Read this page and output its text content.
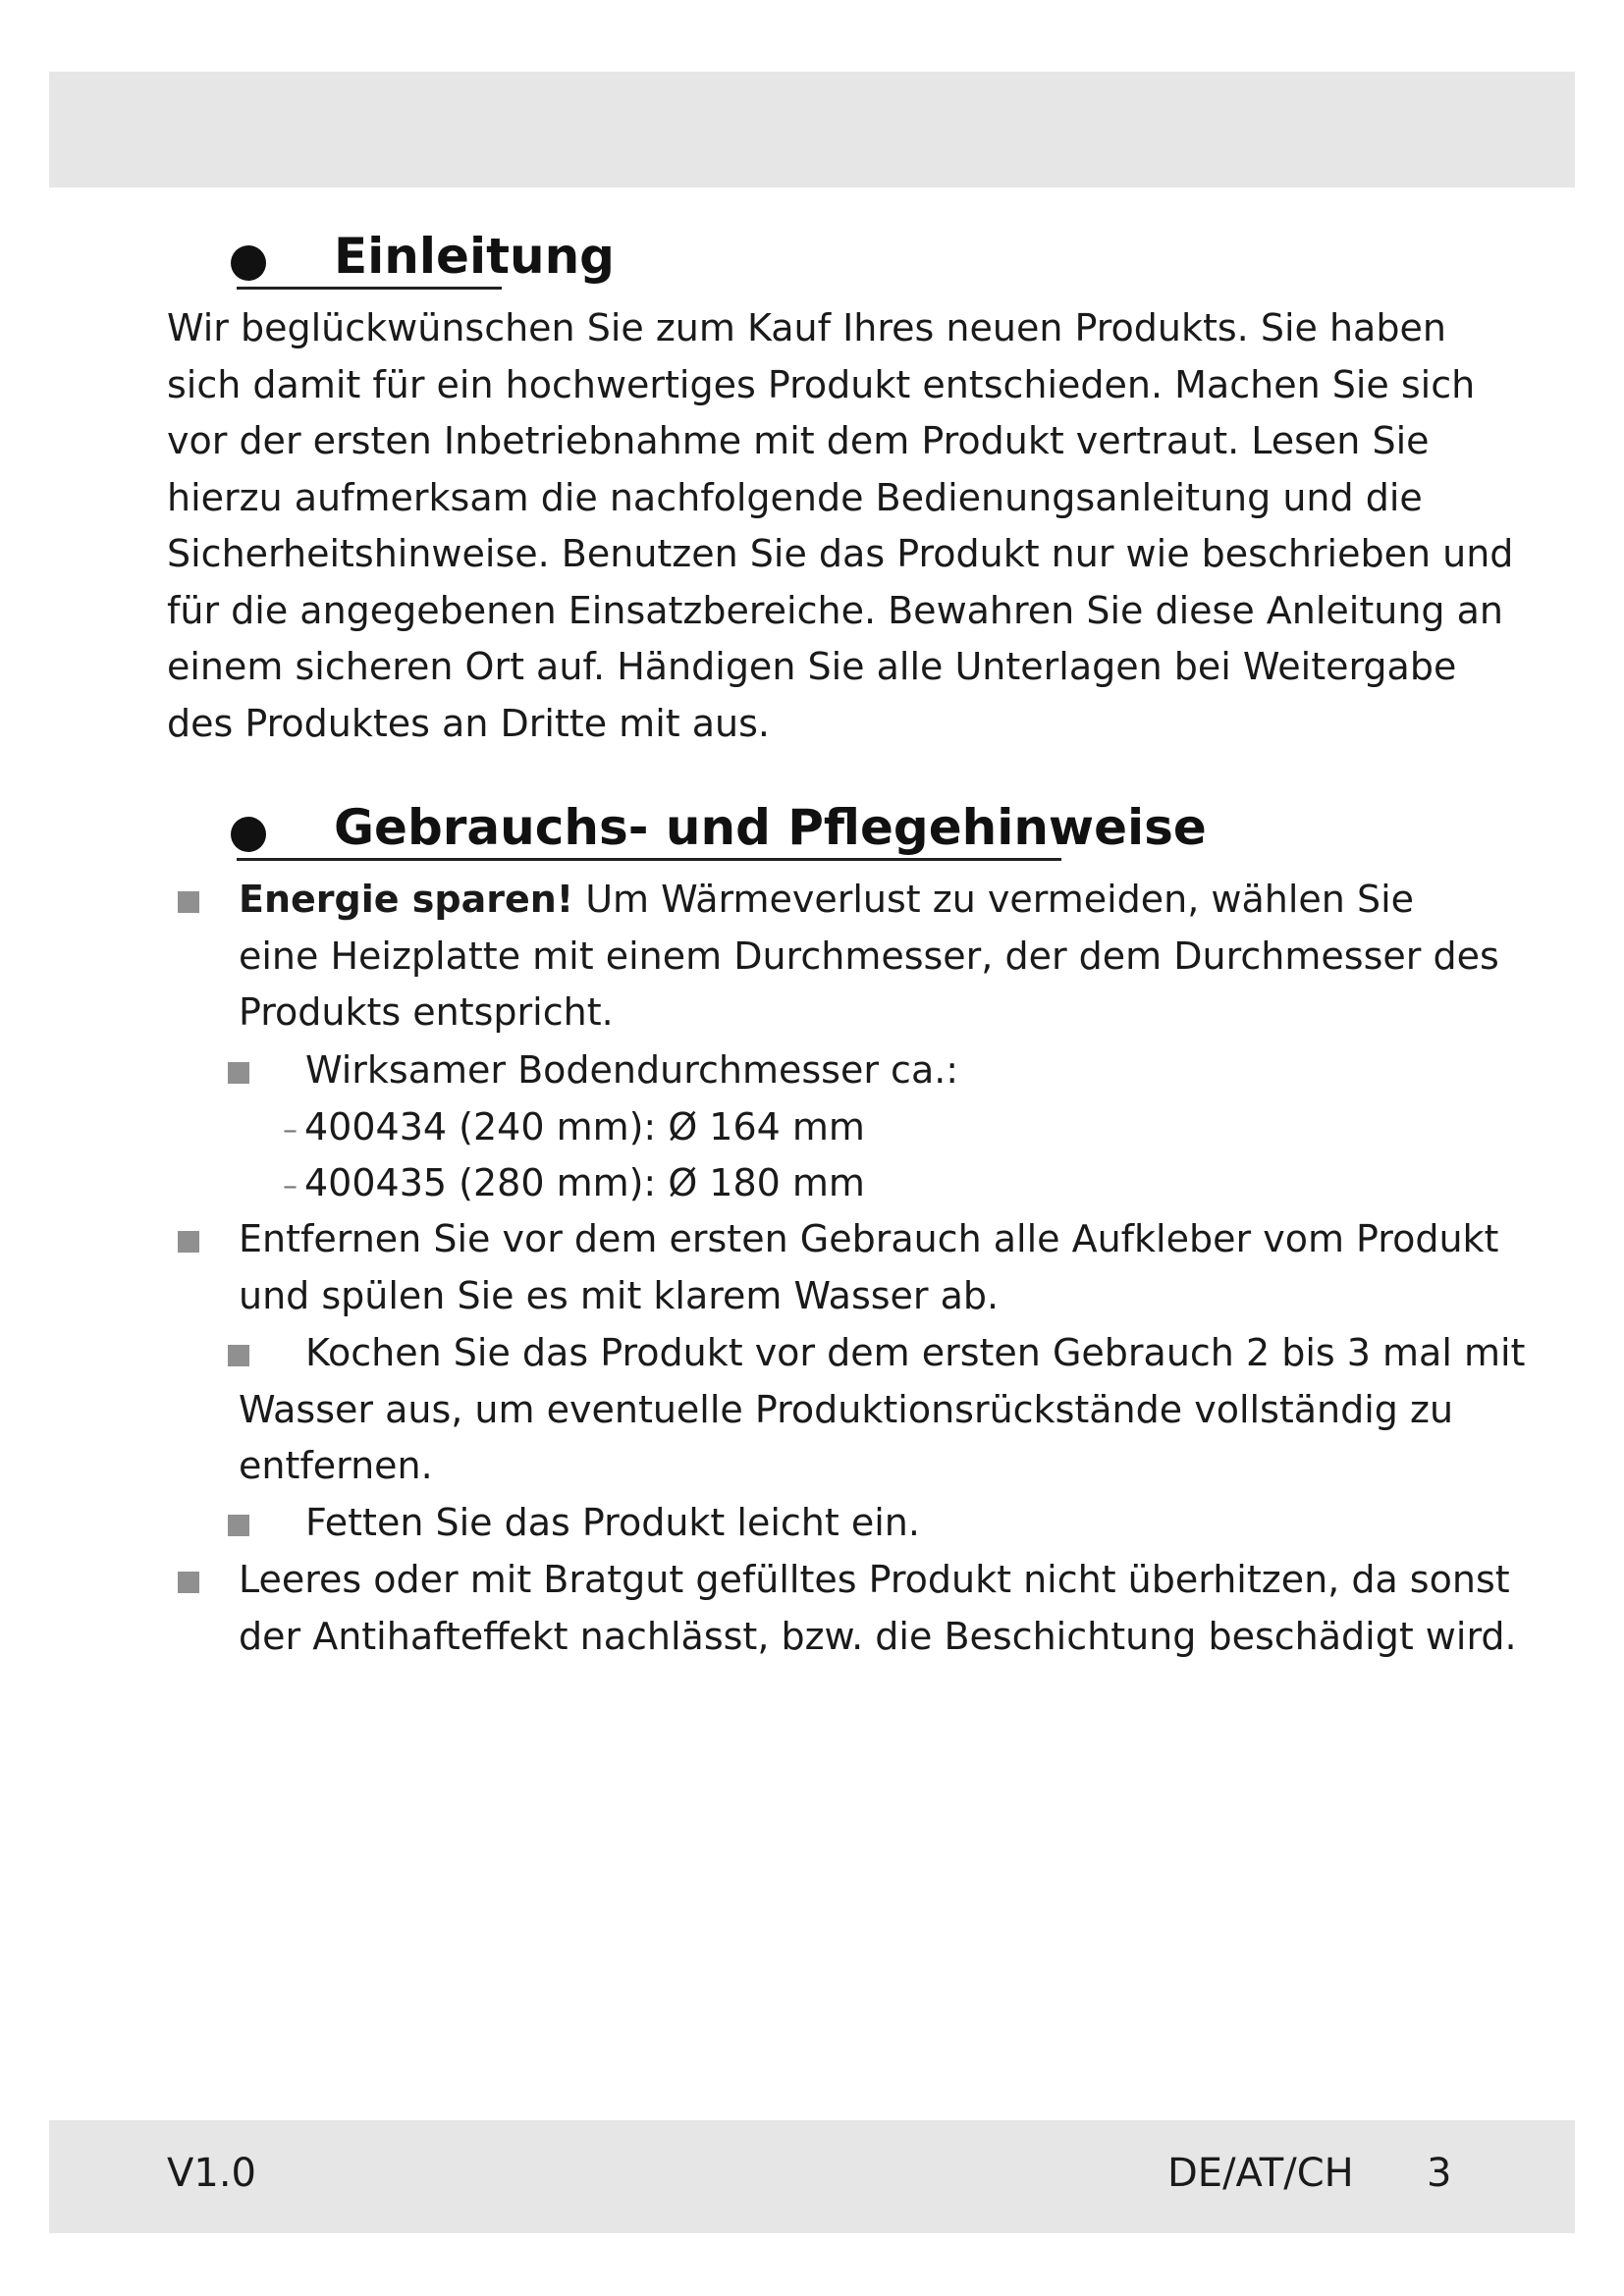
Einleitung
Wir beglückwünschen Sie zum Kauf Ihres neuen Produkts. Sie haben
sich damit für ein hochwertiges Produkt entschieden. Machen Sie sich
vor der ersten Inbetriebnahme mit dem Produkt vertraut. Lesen Sie
hierzu aufmerksam die nachfolgende Bedienungsanleitung und die
Sicherheitshinweise. Benutzen Sie das Produkt nur wie beschrieben und
für die angegebenen Einsatzbereiche. Bewahren Sie diese Anleitung an
einem sicheren Ort auf. Händigen Sie alle Unterlagen bei Weitergabe
des Produktes an Dritte mit aus.
Gebrauchs- und Pflegehinweise
Energie sparen! Um Wärmeverlust zu vermeiden, wählen Sie
eine Heizplatte mit einem Durchmesser, der dem Durchmesser des
Produkts entspricht.
Wirksamer Bodendurchmesser ca.:
– 400434 (240 mm): Ø 164 mm
– 400435 (280 mm): Ø 180 mm
Entfernen Sie vor dem ersten Gebrauch alle Aufkleber vom Produkt
und spülen Sie es mit klarem Wasser ab.
Kochen Sie das Produkt vor dem ersten Gebrauch 2 bis 3 mal mit
Wasser aus, um eventuelle Produktionsrückstände vollständig zu
entfernen.
Fetten Sie das Produkt leicht ein.
Leeres oder mit Bratgut gefülltes Produkt nicht überhitzen, da sonst
der Antihafteffekt nachlässt, bzw. die Beschichtung beschädigt wird.
V1.0	DE/AT/CH 3
